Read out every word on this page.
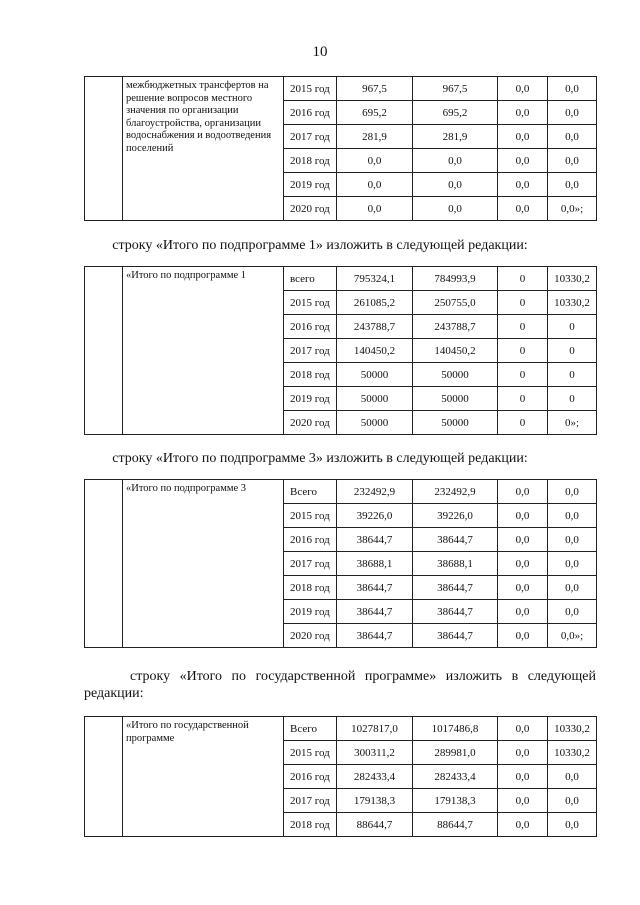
10
	межбюджетных трансфертов на решение вопросов местного значения по организации благоустройства, организации водоснабжения и водоотведения поселений	2015 год	967,5	967,5	0,0	0,0
		2016 год	695,2	695,2	0,0	0,0
		2017 год	281,9	281,9	0,0	0,0
		2018 год	0,0	0,0	0,0	0,0
		2019 год	0,0	0,0	0,0	0,0
		2020 год	0,0	0,0	0,0	0,0»;
строку «Итого по подпрограмме 1» изложить в следующей редакции:
	«Итого по подпрограмме 1	всего	795324,1	784993,9	0	10330,2
		2015 год	261085,2	250755,0	0	10330,2
		2016 год	243788,7	243788,7	0	0
		2017 год	140450,2	140450,2	0	0
		2018 год	50000	50000	0	0
		2019 год	50000	50000	0	0
		2020 год	50000	50000	0	0»;
строку «Итого по подпрограмме 3» изложить в следующей редакции:
	«Итого по подпрограмме 3	Всего	232492,9	232492,9	0,0	0,0
		2015 год	39226,0	39226,0	0,0	0,0
		2016 год	38644,7	38644,7	0,0	0,0
		2017 год	38688,1	38688,1	0,0	0,0
		2018 год	38644,7	38644,7	0,0	0,0
		2019 год	38644,7	38644,7	0,0	0,0
		2020 год	38644,7	38644,7	0,0	0,0»;
строку «Итого по государственной программе» изложить в следующей редакции:
	«Итого по государственной программе	Всего	1027817,0	1017486,8	0,0	10330,2
		2015 год	300311,2	289981,0	0,0	10330,2
		2016 год	282433,4	282433,4	0,0	0,0
		2017 год	179138,3	179138,3	0,0	0,0
		2018 год	88644,7	88644,7	0,0	0,0
